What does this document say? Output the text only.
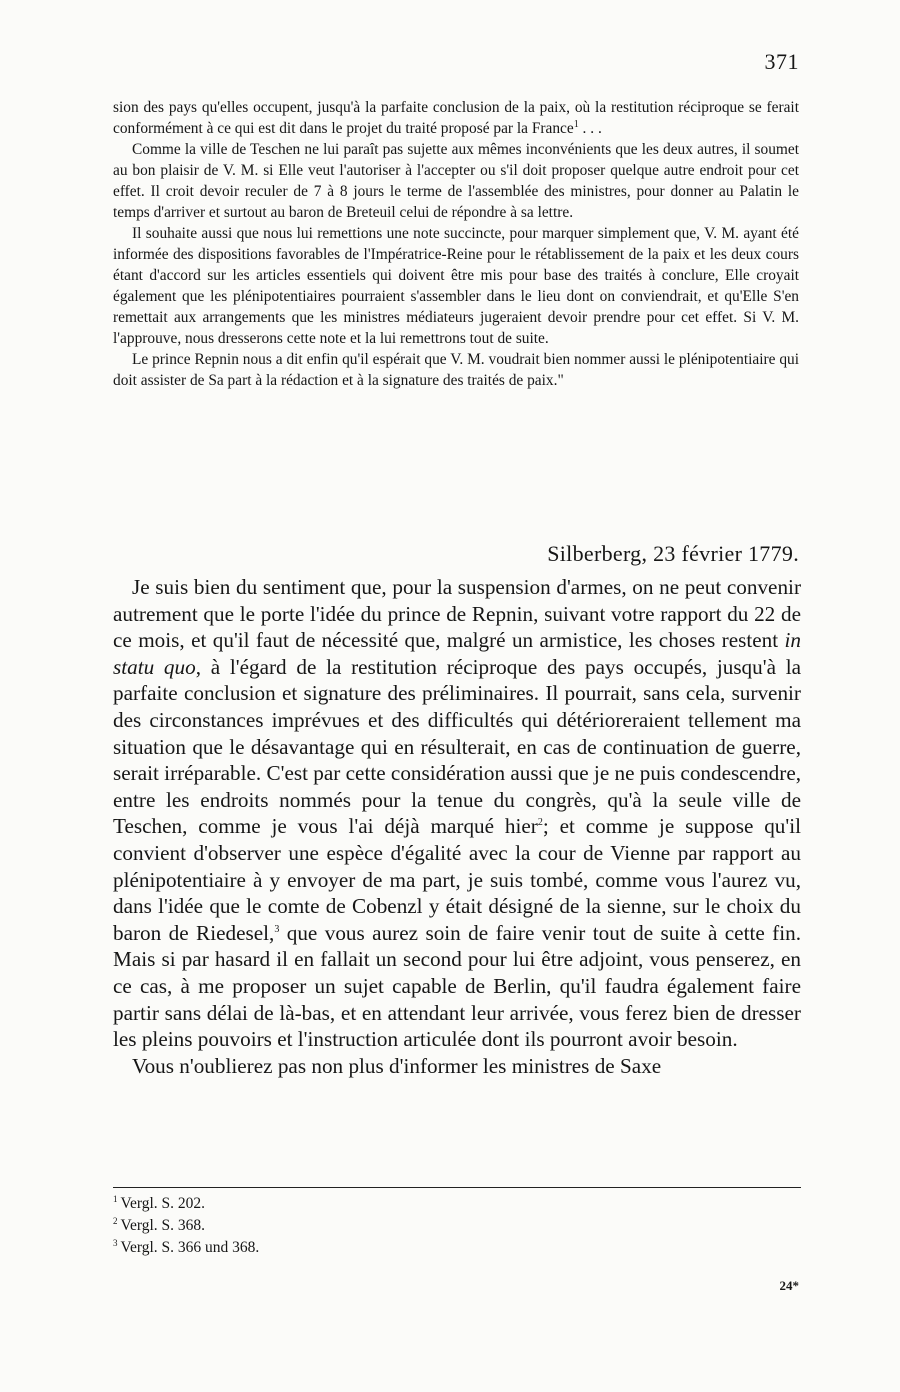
371

sion des pays qu'elles occupent, jusqu'à la parfaite conclusion de la paix, où la restitution réciproque se ferait conformément à ce qui est dit dans le projet du traité proposé par la France$^1$ . . .

Comme la ville de Teschen ne lui paraît pas sujette aux mêmes inconvénients que les deux autres, il soumet au bon plaisir de V. M. si Elle veut l'autoriser à l'accepter ou s'il doit proposer quelque autre endroit pour cet effet. Il croit devoir reculer de 7 à 8 jours le terme de l'assemblée des ministres, pour donner au Palatin le temps d'arriver et surtout au baron de Breteuil celui de répondre à sa lettre.

Il souhaite aussi que nous lui remettions une note succincte, pour marquer simplement que, V. M. ayant été informée des dispositions favorables de l'Impératrice-Reine pour le rétablissement de la paix et les deux cours étant d'accord sur les articles essentiels qui doivent être mis pour base des traités à conclure, Elle croyait également que les plénipotentiaires pourraient s'assembler dans le lieu dont on conviendrait, et qu'Elle S'en remettait aux arrangements que les ministres médiateurs jugeraient devoir prendre pour cet effet. Si V. M. l'approuve, nous dresserons cette note et la lui remettrons tout de suite.

Le prince Repnin nous a dit enfin qu'il espérait que V. M. voudrait bien nommer aussi le plénipotentiaire qui doit assister de Sa part à la rédaction et à la signature des traités de paix."

Silberberg, 23 février 1779.

Je suis bien du sentiment que, pour la suspension d'armes, on ne peut convenir autrement que le porte l'idée du prince de Repnin, suivant votre rapport du 22 de ce mois, et qu'il faut de nécessité que, malgré un armistice, les choses restent in statu quo, à l'égard de la restitution réciproque des pays occupés, jusqu'à la parfaite conclusion et signature des préliminaires. Il pourrait, sans cela, survenir des circonstances imprévues et des difficultés qui détérioreraient tellement ma situation que le désavantage qui en résulterait, en cas de continuation de guerre, serait irréparable. C'est par cette considération aussi que je ne puis condescendre, entre les endroits nommés pour la tenue du congrès, qu'à la seule ville de Teschen, comme je vous l'ai déjà marqué hier$^2$; et comme je suppose qu'il convient d'observer une espèce d'égalité avec la cour de Vienne par rapport au plénipotentiaire à y envoyer de ma part, je suis tombé, comme vous l'aurez vu, dans l'idée que le comte de Cobenzl y était désigné de la sienne, sur le choix du baron de Riedesel,$^3$ que vous aurez soin de faire venir tout de suite à cette fin. Mais si par hasard il en fallait un second pour lui être adjoint, vous penserez, en ce cas, à me proposer un sujet capable de Berlin, qu'il faudra également faire partir sans délai de là-bas, et en attendant leur arrivée, vous ferez bien de dresser les pleins pouvoirs et l'instruction articulée dont ils pourront avoir besoin.

Vous n'oublierez pas non plus d'informer les ministres de Saxe

$^1$ Vergl. S. 202.

$^2$ Vergl. S. 368.

$^3$ Vergl. S. 366 und 368.

24*
